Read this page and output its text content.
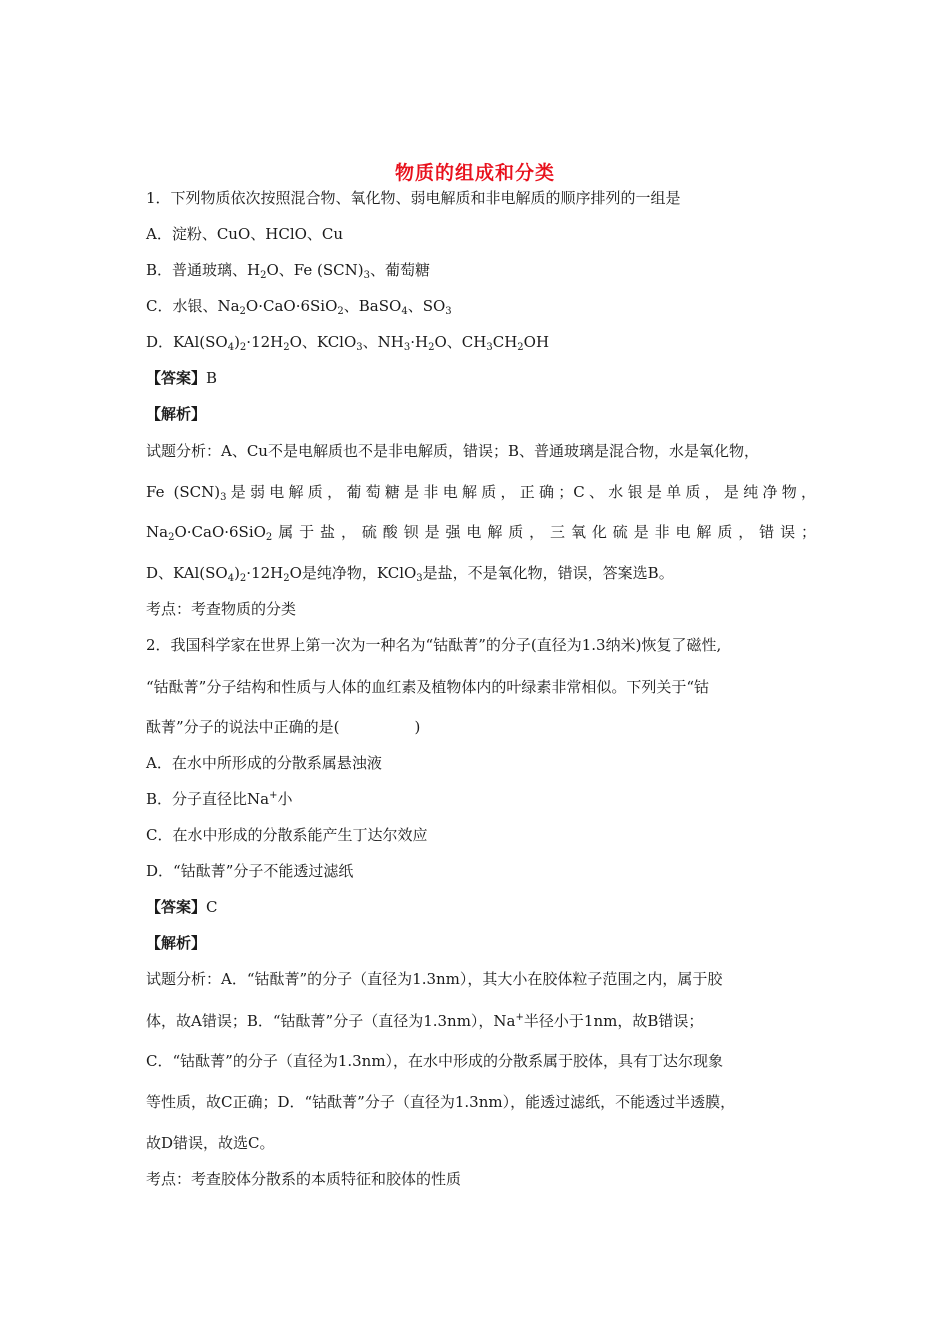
物质的组成和分类
1．下列物质依次按照混合物、氧化物、弱电解质和非电解质的顺序排列的一组是
A．淀粉、CuO、HClO、Cu
B．普通玻璃、$H_2O$、Fe $(SCN)_3$、葡萄糖
C．水银、$Na_2O\cdot CaO\cdot 6SiO_2$、BaSO$_4$、$SO_3$
D．$KAl(SO_4)_2\cdot 12H_2O$、KClO$_3$、$NH_3\cdot H_2O$、$CH_3CH_2OH$
【答案】B
【解析】
试题分析：A、Cu不是电解质也不是非电解质，错误；B、普通玻璃是混合物，水是氧化物，
Fe $(SCN)_3$是弱电解质，葡萄糖是非电解质，正确；C、水银是单质，是纯净物，
$Na_2O\cdot CaO\cdot 6SiO_2$属于盐，硫酸钡是强电解质，三氧化硫是非电解质，错误；
D、$KAl(SO_4)_2\cdot 12H_2O$是纯净物，KClO$_3$是盐，不是氧化物，错误，答案选B。
考点：考查物质的分类
2．我国科学家在世界上第一次为一种名为“钴酞菁”的分子(直径为1.3纳米)恢复了磁性,
“钴酞菁”分子结构和性质与人体的血红素及植物体内的叶绿素非常相似。下列关于“钴
酞菁”分子的说法中正确的是(　　　　　)
A．在水中所形成的分散系属悬浊液
B．分子直径比Na+小
C．在水中形成的分散系能产生丁达尔效应
D．“钴酞菁”分子不能透过滤纸
【答案】C
【解析】
试题分析：A．“钴酞菁”的分子（直径为1.3nm），其大小在胶体粒子范围之内，属于胶
体，故A错误；B．“钴酞菁”分子（直径为1.3nm），Na+半径小于1nm，故B错误；
C．“钴酞菁”的分子（直径为1.3nm），在水中形成的分散系属于胶体，具有丁达尔现象
等性质，故C正确；D．“钴酞菁”分子（直径为1.3nm），能透过滤纸，不能透过半透膜，
故D错误，故选C。
考点：考查胶体分散系的本质特征和胶体的性质
